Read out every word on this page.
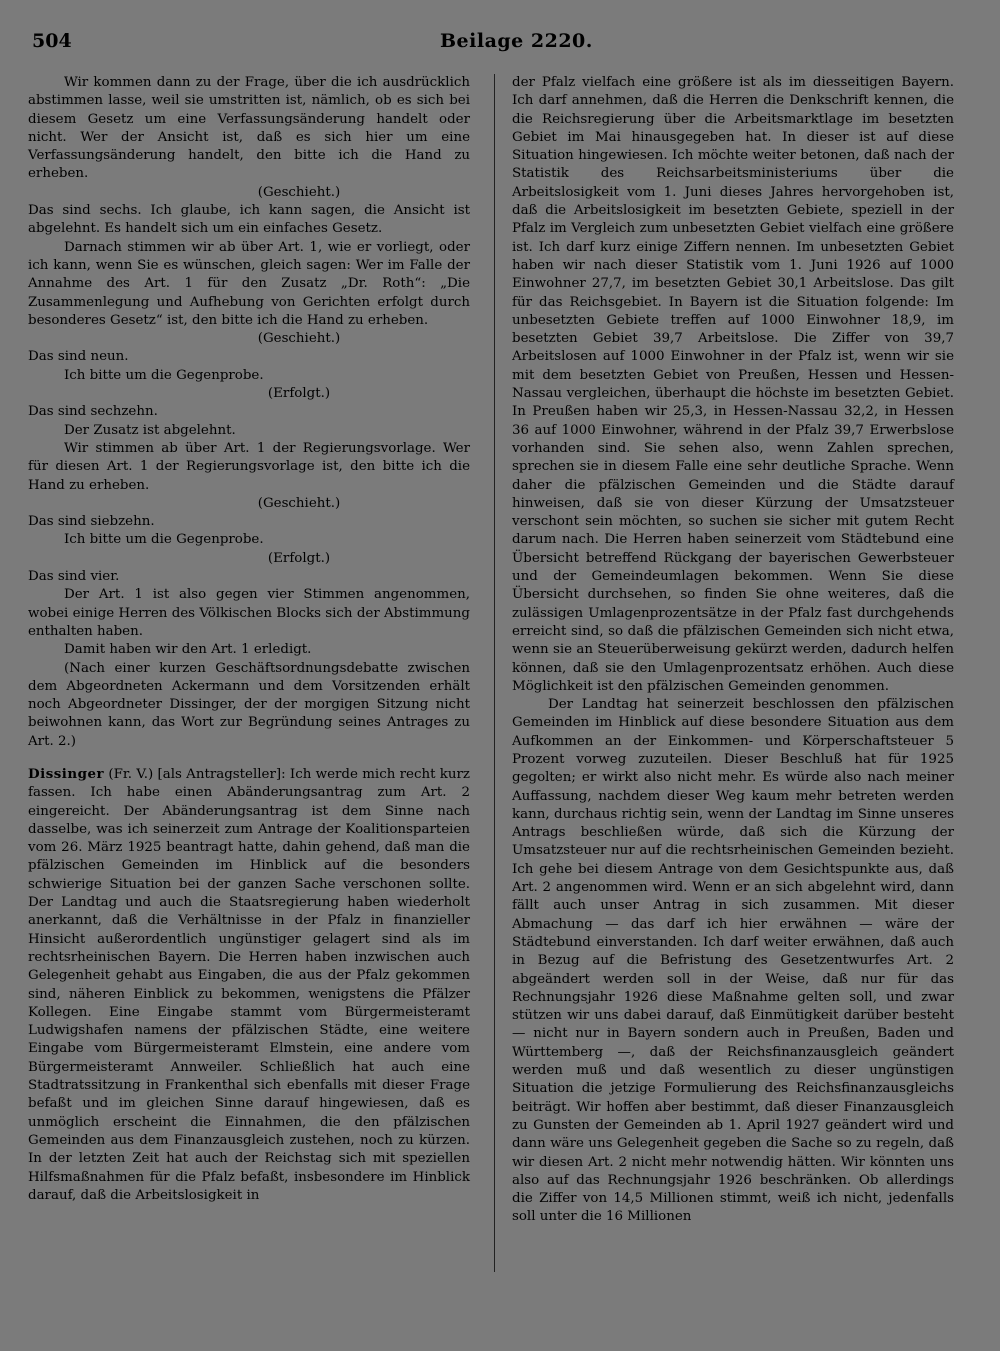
504	Beilage 2220.

Wir kommen dann zu der Frage, über die ich ausdrücklich abstimmen lasse, weil sie umstritten ist, nämlich, ob es sich bei diesem Gesetz um eine Verfassungsänderung handelt oder nicht. Wer der Ansicht ist, daß es sich hier um eine Verfassungsänderung handelt, den bitte ich die Hand zu erheben.

(Geschieht.)

Das sind sechs. Ich glaube, ich kann sagen, die Ansicht ist abgelehnt. Es handelt sich um ein einfaches Gesetz.

Darnach stimmen wir ab über Art. 1, wie er vorliegt, oder ich kann, wenn Sie es wünschen, gleich sagen: Wer im Falle der Annahme des Art. 1 für den Zusatz „Dr. Roth“: „Die Zusammenlegung und Aufhebung von Gerichten erfolgt durch besonderes Gesetz“ ist, den bitte ich die Hand zu erheben.

(Geschieht.)

Das sind neun.

Ich bitte um die Gegenprobe.

(Erfolgt.)

Das sind sechzehn.

Der Zusatz ist abgelehnt.

Wir stimmen ab über Art. 1 der Regierungsvorlage. Wer für diesen Art. 1 der Regierungsvorlage ist, den bitte ich die Hand zu erheben.

(Geschieht.)

Das sind siebzehn.

Ich bitte um die Gegenprobe.

(Erfolgt.)

Das sind vier.

Der Art. 1 ist also gegen vier Stimmen angenommen, wobei einige Herren des Völkischen Blocks sich der Abstimmung enthalten haben.

Damit haben wir den Art. 1 erledigt.

(Nach einer kurzen Geschäftsordnungsdebatte zwischen dem Abgeordneten Ackermann und dem Vorsitzenden erhält noch Abgeordneter Dissinger, der der morgigen Sitzung nicht beiwohnen kann, das Wort zur Begründung seines Antrages zu Art. 2.)

Dissinger (Fr. V.) [als Antragsteller]: Ich werde mich recht kurz fassen. Ich habe einen Abänderungsantrag zum Art. 2 eingereicht. Der Abänderungsantrag ist dem Sinne nach dasselbe, was ich seinerzeit zum Antrage der Koalitionsparteien vom 26. März 1925 beantragt hatte, dahin gehend, daß man die pfälzischen Gemeinden im Hinblick auf die besonders schwierige Situation bei der ganzen Sache verschonen sollte. Der Landtag und auch die Staatsregierung haben wiederholt anerkannt, daß die Verhältnisse in der Pfalz in finanzieller Hinsicht außerordentlich ungünstiger gelagert sind als im rechtsrheinischen Bayern. Die Herren haben inzwischen auch Gelegenheit gehabt aus Eingaben, die aus der Pfalz gekommen sind, näheren Einblick zu bekommen, wenigstens die Pfälzer Kollegen. Eine Eingabe stammt vom Bürgermeisteramt Ludwigshafen namens der pfälzischen Städte, eine weitere Eingabe vom Bürgermeisteramt Elmstein, eine andere vom Bürgermeisteramt Annweiler. Schließlich hat auch eine Stadtratssitzung in Frankenthal sich ebenfalls mit dieser Frage befaßt und im gleichen Sinne darauf hingewiesen, daß es unmöglich erscheint die Einnahmen, die den pfälzischen Gemeinden aus dem Finanzausgleich zustehen, noch zu kürzen. In der letzten Zeit hat auch der Reichstag sich mit speziellen Hilfsmaßnahmen für die Pfalz befaßt, insbesondere im Hinblick darauf, daß die Arbeitslosigkeit in

der Pfalz vielfach eine größere ist als im diesseitigen Bayern. Ich darf annehmen, daß die Herren die Denkschrift kennen, die die Reichsregierung über die Arbeitsmarktlage im besetzten Gebiet im Mai hinausgegeben hat. In dieser ist auf diese Situation hingewiesen. Ich möchte weiter betonen, daß nach der Statistik des Reichsarbeitsministeriums über die Arbeitslosigkeit vom 1. Juni dieses Jahres hervorgehoben ist, daß die Arbeitslosigkeit im besetzten Gebiete, speziell in der Pfalz im Vergleich zum unbesetzten Gebiet vielfach eine größere ist. Ich darf kurz einige Ziffern nennen. Im unbesetzten Gebiet haben wir nach dieser Statistik vom 1. Juni 1926 auf 1000 Einwohner 27,7, im besetzten Gebiet 30,1 Arbeitslose. Das gilt für das Reichsgebiet. In Bayern ist die Situation folgende: Im unbesetzten Gebiete treffen auf 1000 Einwohner 18,9, im besetzten Gebiet 39,7 Arbeitslose. Die Ziffer von 39,7 Arbeitslosen auf 1000 Einwohner in der Pfalz ist, wenn wir sie mit dem besetzten Gebiet von Preußen, Hessen und Hessen-Nassau vergleichen, überhaupt die höchste im besetzten Gebiet. In Preußen haben wir 25,3, in Hessen-Nassau 32,2, in Hessen 36 auf 1000 Einwohner, während in der Pfalz 39,7 Erwerbslose vorhanden sind. Sie sehen also, wenn Zahlen sprechen, sprechen sie in diesem Falle eine sehr deutliche Sprache. Wenn daher die pfälzischen Gemeinden und die Städte darauf hinweisen, daß sie von dieser Kürzung der Umsatzsteuer verschont sein möchten, so suchen sie sicher mit gutem Recht darum nach. Die Herren haben seinerzeit vom Städtebund eine Übersicht betreffend Rückgang der bayerischen Gewerbsteuer und der Gemeindeumlagen bekommen. Wenn Sie diese Übersicht durchsehen, so finden Sie ohne weiteres, daß die zulässigen Umlagenprozentsätze in der Pfalz fast durchgehends erreicht sind, so daß die pfälzischen Gemeinden sich nicht etwa, wenn sie an Steuerüberweisung gekürzt werden, dadurch helfen können, daß sie den Umlagenprozentsatz erhöhen. Auch diese Möglichkeit ist den pfälzischen Gemeinden genommen.

Der Landtag hat seinerzeit beschlossen den pfälzischen Gemeinden im Hinblick auf diese besondere Situation aus dem Aufkommen an der Einkommen- und Körperschaftsteuer 5 Prozent vorweg zuzuteilen. Dieser Beschluß hat für 1925 gegolten; er wirkt also nicht mehr. Es würde also nach meiner Auffassung, nachdem dieser Weg kaum mehr betreten werden kann, durchaus richtig sein, wenn der Landtag im Sinne unseres Antrags beschließen würde, daß sich die Kürzung der Umsatzsteuer nur auf die rechtsrheinischen Gemeinden bezieht. Ich gehe bei diesem Antrage von dem Gesichtspunkte aus, daß Art. 2 angenommen wird. Wenn er an sich abgelehnt wird, dann fällt auch unser Antrag in sich zusammen. Mit dieser Abmachung — das darf ich hier erwähnen — wäre der Städtebund einverstanden. Ich darf weiter erwähnen, daß auch in Bezug auf die Befristung des Gesetzentwurfes Art. 2 abgeändert werden soll in der Weise, daß nur für das Rechnungsjahr 1926 diese Maßnahme gelten soll, und zwar stützen wir uns dabei darauf, daß Einmütigkeit darüber besteht — nicht nur in Bayern sondern auch in Preußen, Baden und Württemberg —, daß der Reichsfinanzausgleich geändert werden muß und daß wesentlich zu dieser ungünstigen Situation die jetzige Formulierung des Reichsfinanzausgleichs beiträgt. Wir hoffen aber bestimmt, daß dieser Finanzausgleich zu Gunsten der Gemeinden ab 1. April 1927 geändert wird und dann wäre uns Gelegenheit gegeben die Sache so zu regeln, daß wir diesen Art. 2 nicht mehr notwendig hätten. Wir könnten uns also auf das Rechnungsjahr 1926 beschränken. Ob allerdings die Ziffer von 14,5 Millionen stimmt, weiß ich nicht, jedenfalls soll unter die 16 Millionen
